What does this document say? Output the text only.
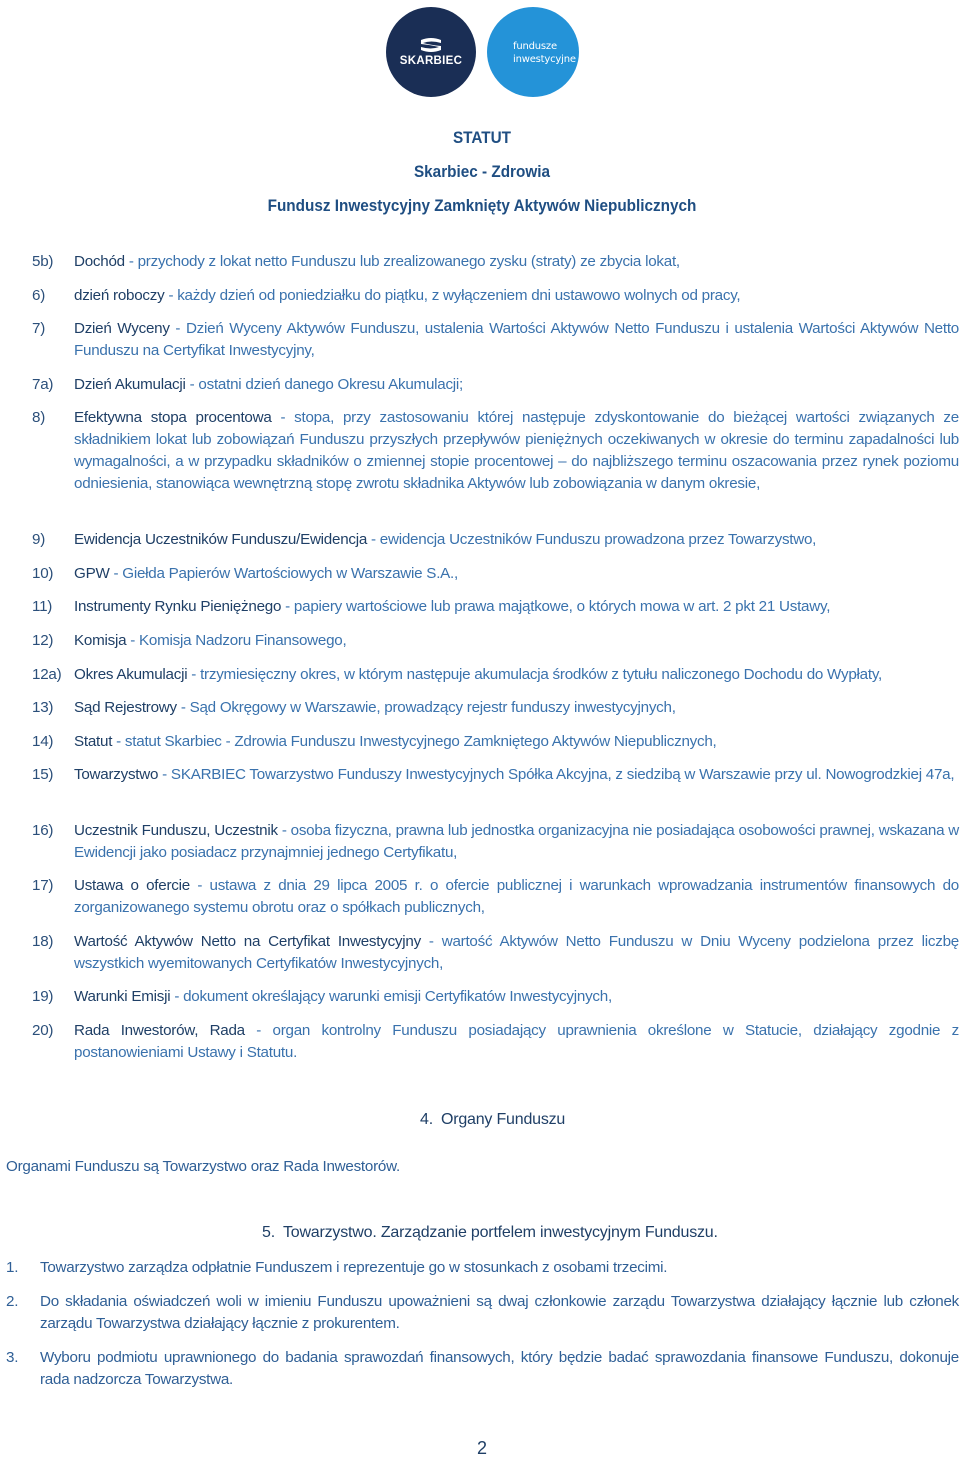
SKARBIEC
fundusze
inwestycyjne
STATUT
Skarbiec - Zdrowia
Fundusz Inwestycyjny Zamknięty Aktywów Niepublicznych
5b) Dochód - przychody z lokat netto Funduszu lub zrealizowanego zysku (straty) ze zbycia lokat,
6) dzień roboczy - każdy dzień od poniedziałku do piątku, z wyłączeniem dni ustawowo wolnych od pracy,
7) Dzień Wyceny - Dzień Wyceny Aktywów Funduszu, ustalenia Wartości Aktywów Netto Funduszu i ustalenia Wartości Aktywów Netto Funduszu na Certyfikat Inwestycyjny,
7a) Dzień Akumulacji - ostatni dzień danego Okresu Akumulacji;
8) Efektywna stopa procentowa - stopa, przy zastosowaniu której następuje zdyskontowanie do bieżącej wartości związanych ze składnikiem lokat lub zobowiązań Funduszu przyszłych przepływów pieniężnych oczekiwanych w okresie do terminu zapadalności lub wymagalności, a w przypadku składników o zmiennej stopie procentowej – do najbliższego terminu oszacowania przez rynek poziomu odniesienia, stanowiąca wewnętrzną stopę zwrotu składnika Aktywów lub zobowiązania w danym okresie,
9) Ewidencja Uczestników Funduszu/Ewidencja - ewidencja Uczestników Funduszu prowadzona przez Towarzystwo,
10) GPW - Giełda Papierów Wartościowych w Warszawie S.A.,
11) Instrumenty Rynku Pieniężnego - papiery wartościowe lub prawa majątkowe, o których mowa w art. 2 pkt 21 Ustawy,
12) Komisja - Komisja Nadzoru Finansowego,
12a) Okres Akumulacji - trzymiesięczny okres, w którym następuje akumulacja środków z tytułu naliczonego Dochodu do Wypłaty,
13) Sąd Rejestrowy - Sąd Okręgowy w Warszawie, prowadzący rejestr funduszy inwestycyjnych,
14) Statut - statut Skarbiec - Zdrowia Funduszu Inwestycyjnego Zamkniętego Aktywów Niepublicznych,
15) Towarzystwo - SKARBIEC Towarzystwo Funduszy Inwestycyjnych Spółka Akcyjna, z siedzibą w Warszawie przy ul. Nowogrodzkiej 47a,
16) Uczestnik Funduszu, Uczestnik - osoba fizyczna, prawna lub jednostka organizacyjna nie posiadająca osobowości prawnej, wskazana w Ewidencji jako posiadacz przynajmniej jednego Certyfikatu,
17) Ustawa o ofercie - ustawa z dnia 29 lipca 2005 r. o ofercie publicznej i warunkach wprowadzania instrumentów finansowych do zorganizowanego systemu obrotu oraz o spółkach publicznych,
18) Wartość Aktywów Netto na Certyfikat Inwestycyjny - wartość Aktywów Netto Funduszu w Dniu Wyceny podzielona przez liczbę wszystkich wyemitowanych Certyfikatów Inwestycyjnych,
19) Warunki Emisji - dokument określający warunki emisji Certyfikatów Inwestycyjnych,
20) Rada Inwestorów, Rada - organ kontrolny Funduszu posiadający uprawnienia określone w Statucie, działający zgodnie z postanowieniami Ustawy i Statutu.
4. Organy Funduszu
Organami Funduszu są Towarzystwo oraz Rada Inwestorów.
5. Towarzystwo. Zarządzanie portfelem inwestycyjnym Funduszu.
1. Towarzystwo zarządza odpłatnie Funduszem i reprezentuje go w stosunkach z osobami trzecimi.
2. Do składania oświadczeń woli w imieniu Funduszu upoważnieni są dwaj członkowie zarządu Towarzystwa działający łącznie lub członek zarządu Towarzystwa działający łącznie z prokurentem.
3. Wyboru podmiotu uprawnionego do badania sprawozdań finansowych, który będzie badać sprawozdania finansowe Funduszu, dokonuje rada nadzorcza Towarzystwa.
2
